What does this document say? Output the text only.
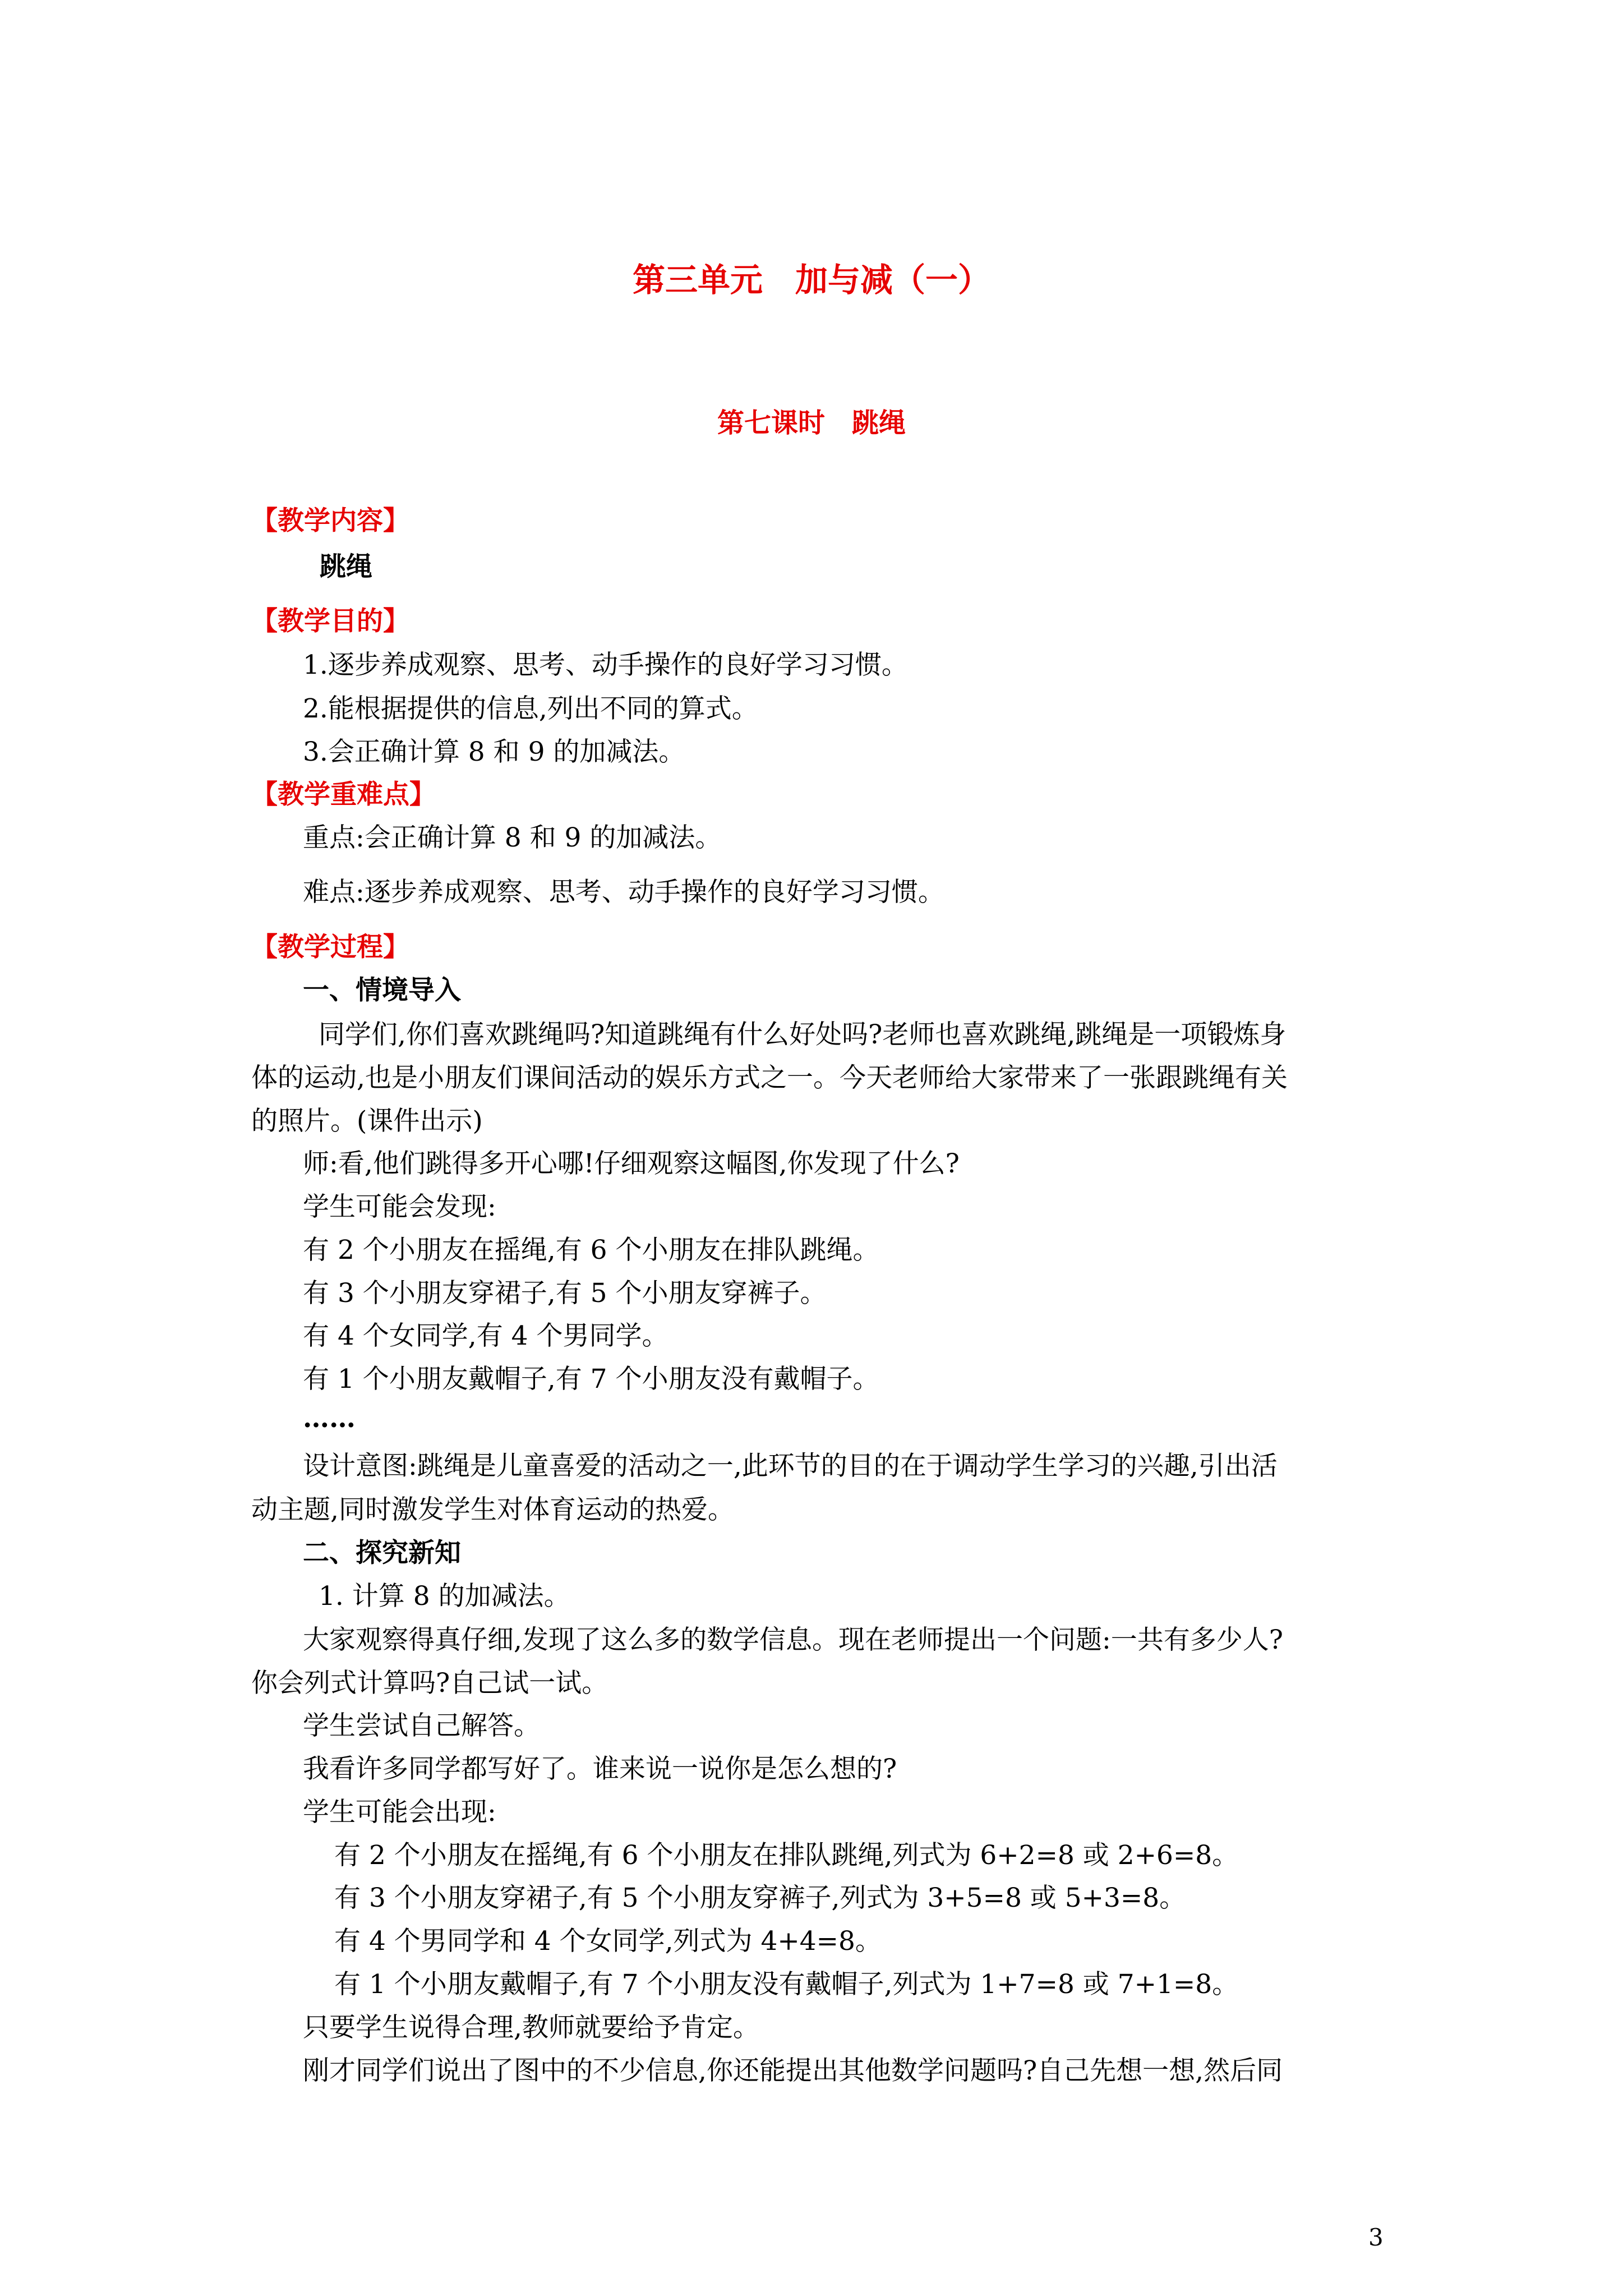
第三单元　加与减（一）
第七课时　跳绳
【教学内容】
跳绳
【教学目的】
1.逐步养成观察、思考、动手操作的良好学习习惯。
2.能根据提供的信息,列出不同的算式。
3.会正确计算 8 和 9 的加减法。
【教学重难点】
重点:会正确计算 8 和 9 的加减法。
难点:逐步养成观察、思考、动手操作的良好学习习惯。
【教学过程】
一、情境导入
同学们,你们喜欢跳绳吗?知道跳绳有什么好处吗?老师也喜欢跳绳,跳绳是一项锻炼身
体的运动,也是小朋友们课间活动的娱乐方式之一。今天老师给大家带来了一张跟跳绳有关
的照片。(课件出示)
师:看,他们跳得多开心哪!仔细观察这幅图,你发现了什么?
学生可能会发现:
有 2 个小朋友在摇绳,有 6 个小朋友在排队跳绳。
有 3 个小朋友穿裙子,有 5 个小朋友穿裤子。
有 4 个女同学,有 4 个男同学。
有 1 个小朋友戴帽子,有 7 个小朋友没有戴帽子。
……
设计意图:跳绳是儿童喜爱的活动之一,此环节的目的在于调动学生学习的兴趣,引出活
动主题,同时激发学生对体育运动的热爱。
二、探究新知
1. 计算 8 的加减法。
大家观察得真仔细,发现了这么多的数学信息。现在老师提出一个问题:一共有多少人?
你会列式计算吗?自己试一试。
学生尝试自己解答。
我看许多同学都写好了。谁来说一说你是怎么想的?
学生可能会出现:
有 2 个小朋友在摇绳,有 6 个小朋友在排队跳绳,列式为 6+2=8 或 2+6=8。
有 3 个小朋友穿裙子,有 5 个小朋友穿裤子,列式为 3+5=8 或 5+3=8。
有 4 个男同学和 4 个女同学,列式为 4+4=8。
有 1 个小朋友戴帽子,有 7 个小朋友没有戴帽子,列式为 1+7=8 或 7+1=8。
只要学生说得合理,教师就要给予肯定。
刚才同学们说出了图中的不少信息,你还能提出其他数学问题吗?自己先想一想,然后同
3
